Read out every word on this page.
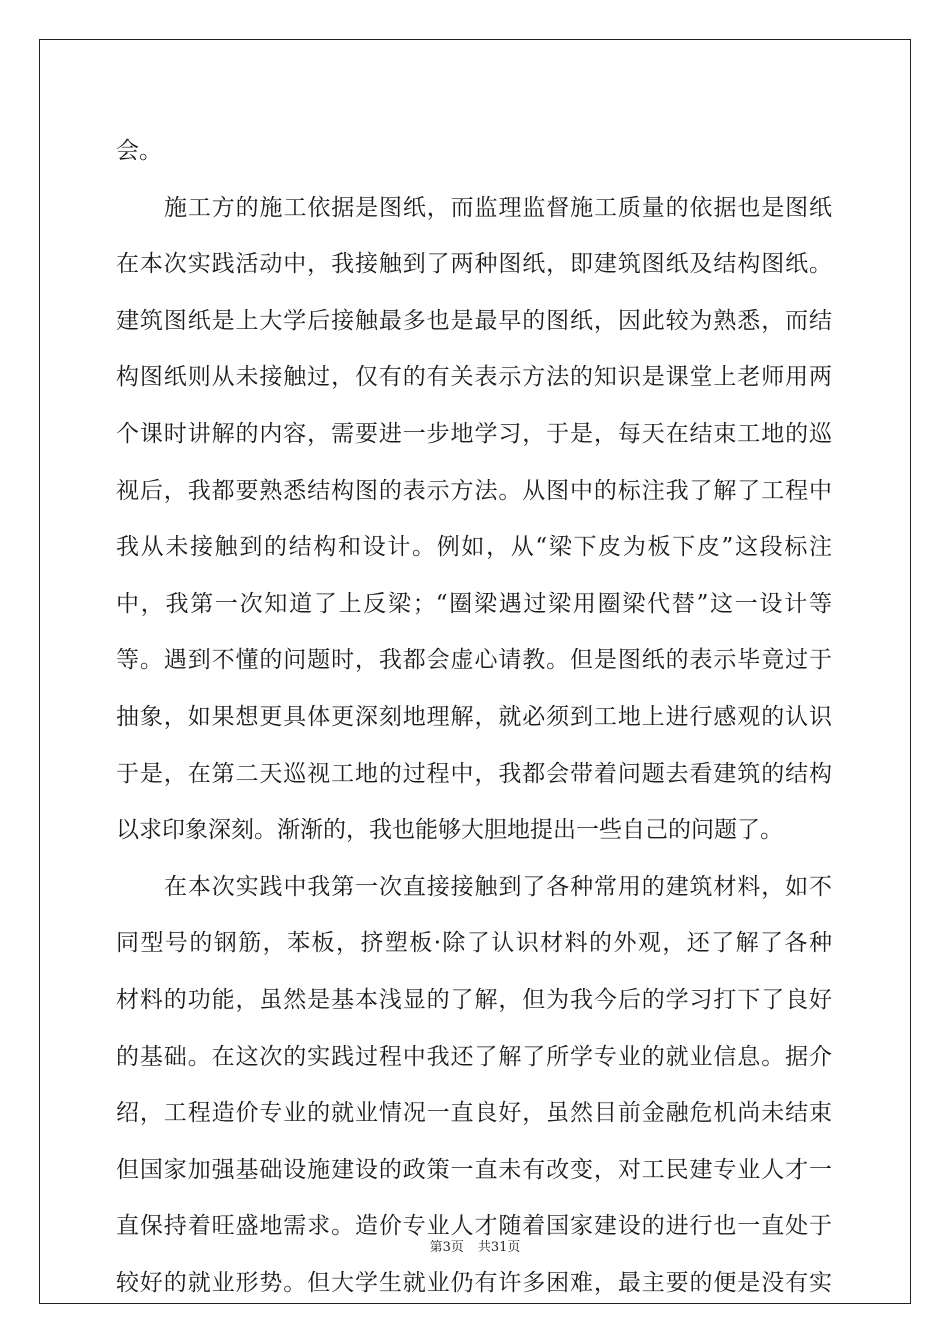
会。
施工方的施工依据是图纸，而监理监督施工质量的依据也是图纸
在本次实践活动中，我接触到了两种图纸，即建筑图纸及结构图纸。
建筑图纸是上大学后接触最多也是最早的图纸，因此较为熟悉，而结
构图纸则从未接触过，仅有的有关表示方法的知识是课堂上老师用两
个课时讲解的内容，需要进一步地学习，于是，每天在结束工地的巡
视后，我都要熟悉结构图的表示方法。从图中的标注我了解了工程中
我从未接触到的结构和设计。例如，从“梁下皮为板下皮”这段标注
中，我第一次知道了上反梁；“圈梁遇过梁用圈梁代替”这一设计等
等。遇到不懂的问题时，我都会虚心请教。但是图纸的表示毕竟过于
抽象，如果想更具体更深刻地理解，就必须到工地上进行感观的认识
于是，在第二天巡视工地的过程中，我都会带着问题去看建筑的结构
以求印象深刻。渐渐的，我也能够大胆地提出一些自己的问题了。
在本次实践中我第一次直接接触到了各种常用的建筑材料，如不
同型号的钢筋，苯板，挤塑板·除了认识材料的外观，还了解了各种
材料的功能，虽然是基本浅显的了解，但为我今后的学习打下了良好
的基础。在这次的实践过程中我还了解了所学专业的就业信息。据介
绍，工程造价专业的就业情况一直良好，虽然目前金融危机尚未结束
但国家加强基础设施建设的政策一直未有改变，对工民建专业人才一
直保持着旺盛地需求。造价专业人才随着国家建设的进行也一直处于
较好的就业形势。但大学生就业仍有许多困难，最主要的便是没有实
第3页 共31页
